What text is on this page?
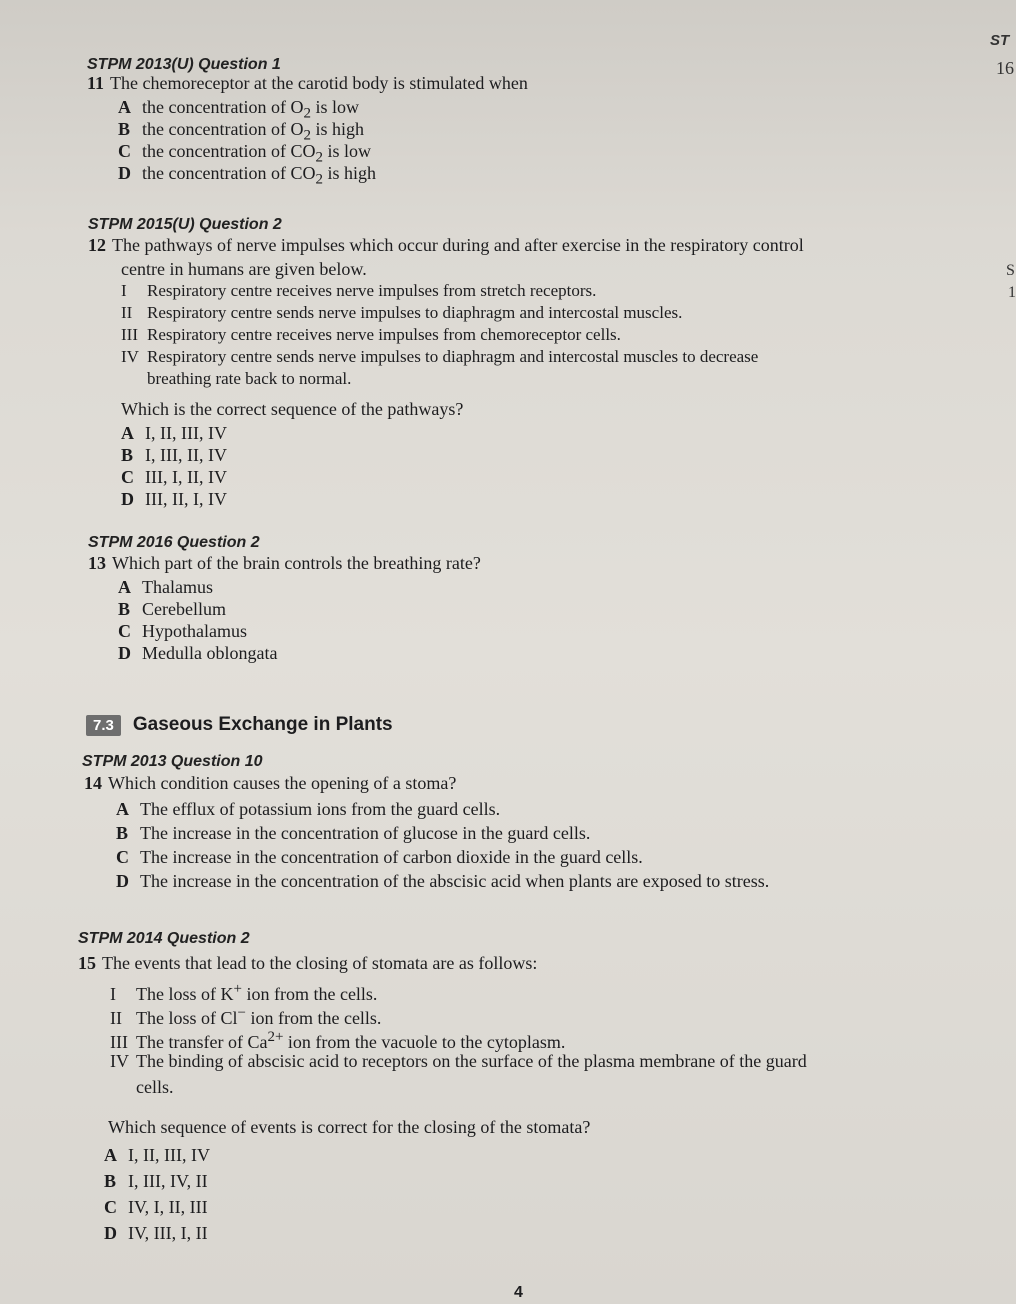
ST
16
S
1
STPM 2013(U) Question 1
11 The chemoreceptor at the carotid body is stimulated when
A the concentration of $O_2$ is low
B the concentration of $O_2$ is high
C the concentration of $CO_2$ is low
D the concentration of $CO_2$ is high
STPM 2015(U) Question 2
12 The pathways of nerve impulses which occur during and after exercise in the respiratory control
centre in humans are given below.
I Respiratory centre receives nerve impulses from stretch receptors.
II Respiratory centre sends nerve impulses to diaphragm and intercostal muscles.
III Respiratory centre receives nerve impulses from chemoreceptor cells.
IV Respiratory centre sends nerve impulses to diaphragm and intercostal muscles to decrease
breathing rate back to normal.
Which is the correct sequence of the pathways?
A I, II, III, IV
B I, III, II, IV
C III, I, II, IV
D III, II, I, IV
STPM 2016 Question 2
13 Which part of the brain controls the breathing rate?
A Thalamus
B Cerebellum
C Hypothalamus
D Medulla oblongata
7.3	Gaseous Exchange in Plants
STPM 2013 Question 10
14 Which condition causes the opening of a stoma?
A The efflux of potassium ions from the guard cells.
B The increase in the concentration of glucose in the guard cells.
C The increase in the concentration of carbon dioxide in the guard cells.
D The increase in the concentration of the abscisic acid when plants are exposed to stress.
STPM 2014 Question 2
15 The events that lead to the closing of stomata are as follows:
I The loss of K+ ion from the cells.
II The loss of Cl− ion from the cells.
III The transfer of $Ca^{2+}$ ion from the vacuole to the cytoplasm.
IV The binding of abscisic acid to receptors on the surface of the plasma membrane of the guard
cells.
Which sequence of events is correct for the closing of the stomata?
A I, II, III, IV
B I, III, IV, II
C IV, I, II, III
D IV, III, I, II
4
